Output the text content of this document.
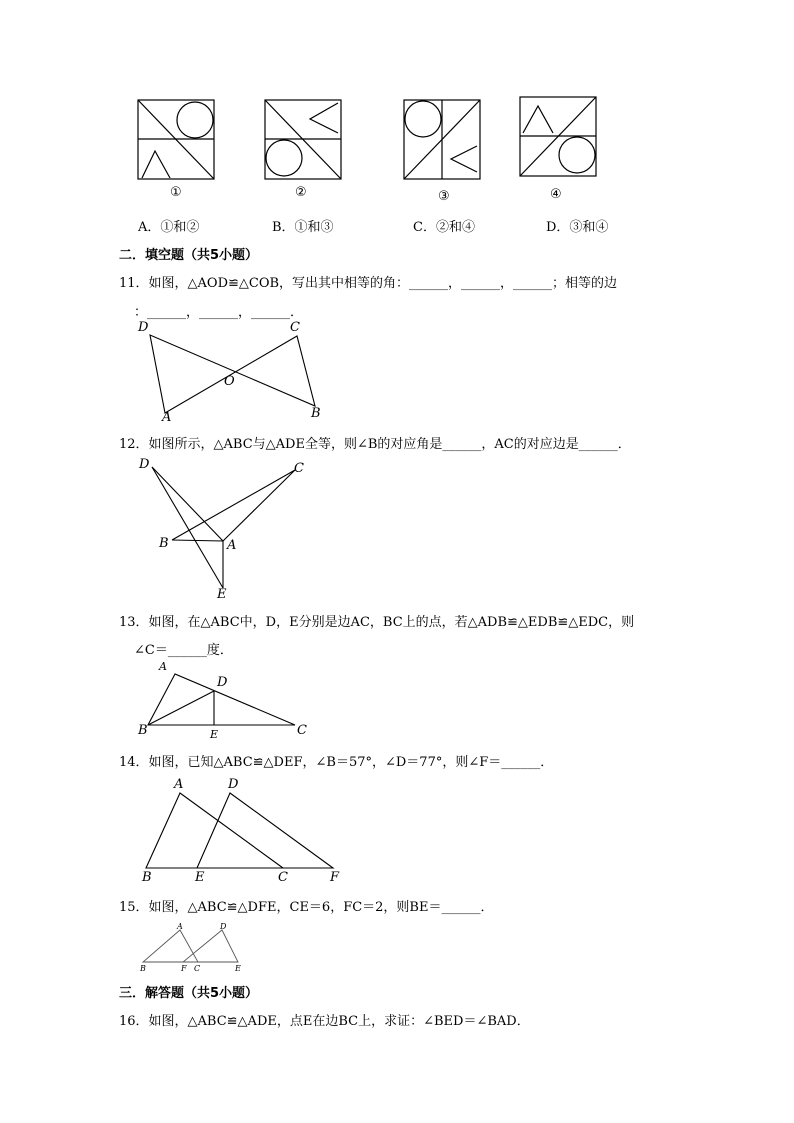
①	②	③	④
A．①和②	B．①和③	C．②和④	D．③和④
二．填空题（共5小题）
11．如图，△AOD≌△COB，写出其中相等的角：______，______，______；相等的边
：______，______，______．
D	C
O
A	B
12．如图所示，△ABC与△ADE全等，则∠B的对应角是______，AC的对应边是______．
D	C
B	A
E
13．如图，在△ABC中，D，E分别是边AC，BC上的点，若△ADB≌△EDB≌△EDC，则
∠C＝______度．
A
D
B	E	C
14．如图，已知△ABC≌△DEF，∠B＝57°，∠D＝77°，则∠F＝______．
A	D
B	E	C	F
15．如图，△ABC≌△DFE，CE＝6，FC＝2，则BE＝______．
A	D
B	F C	E
三．解答题（共5小题）
16．如图，△ABC≌△ADE，点E在边BC上，求证：∠BED＝∠BAD．
